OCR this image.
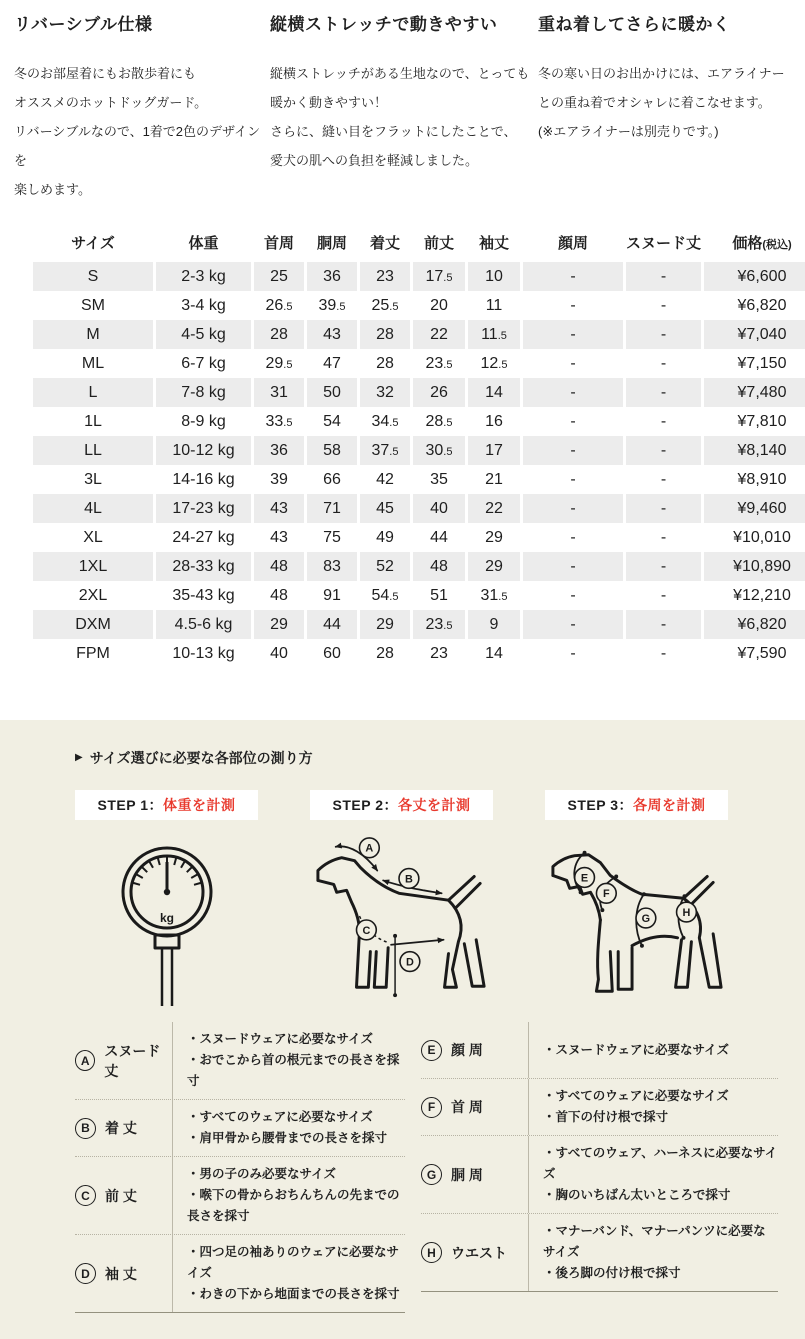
リバーシブル仕様
冬のお部屋着にもお散歩着にも
オススメのホットドッグガード。
リバーシブルなので、1着で2色のデザインを
楽しめます。
縦横ストレッチで動きやすい
縦横ストレッチがある生地なので、とっても
暖かく動きやすい！
さらに、縫い目をフラットにしたことで、
愛犬の肌への負担を軽減しました。
重ね着してさらに暖かく
冬の寒い日のお出かけには、エアライナー
との重ね着でオシャレに着こなせます。
(※エアライナーは別売りです。)
サイズ	体重	首周	胴周	着丈	前丈	袖丈	顔周	スヌード丈	価格(税込)
S	2-3 kg	25	36	23	17.5	10	-	-	¥6,600
SM	3-4 kg	26.5	39.5	25.5	20	11	-	-	¥6,820
M	4-5 kg	28	43	28	22	11.5	-	-	¥7,040
ML	6-7 kg	29.5	47	28	23.5	12.5	-	-	¥7,150
L	7-8 kg	31	50	32	26	14	-	-	¥7,480
1L	8-9 kg	33.5	54	34.5	28.5	16	-	-	¥7,810
LL	10-12 kg	36	58	37.5	30.5	17	-	-	¥8,140
3L	14-16 kg	39	66	42	35	21	-	-	¥8,910
4L	17-23 kg	43	71	45	40	22	-	-	¥9,460
XL	24-27 kg	43	75	49	44	29	-	-	¥10,010
1XL	28-33 kg	48	83	52	48	29	-	-	¥10,890
2XL	35-43 kg	48	91	54.5	51	31.5	-	-	¥12,210
DXM	4.5-6 kg	29	44	29	23.5	9	-	-	¥6,820
FPM	10-13 kg	40	60	28	23	14	-	-	¥7,590
▶ サイズ選びに必要な各部位の測り方
STEP 1： 体重を計測	STEP 2： 各丈を計測	STEP 3： 各周を計測
kg
A
B
C
D
E
F
G	H
A
スヌード丈
・スヌードウェアに必要なサイズ
・おでこから首の根元までの長さを採寸
B	着 丈
・すべてのウェアに必要なサイズ
・肩甲骨から腰骨までの長さを採寸
C	前 丈
・男の子のみ必要なサイズ
・喉下の骨からおちんちんの先までの長さを採寸
D	袖 丈
・四つ足の袖ありのウェアに必要なサイズ
・わきの下から地面までの長さを採寸
E	顔 周	・スヌードウェアに必要なサイズ
F	首 周
・すべてのウェアに必要なサイズ
・首下の付け根で採寸
G	胴 周
・すべてのウェア、ハーネスに必要なサイズ
・胸のいちばん太いところで採寸
H	ウエスト
・マナーバンド、マナーパンツに必要なサイズ
・後ろ脚の付け根で採寸
